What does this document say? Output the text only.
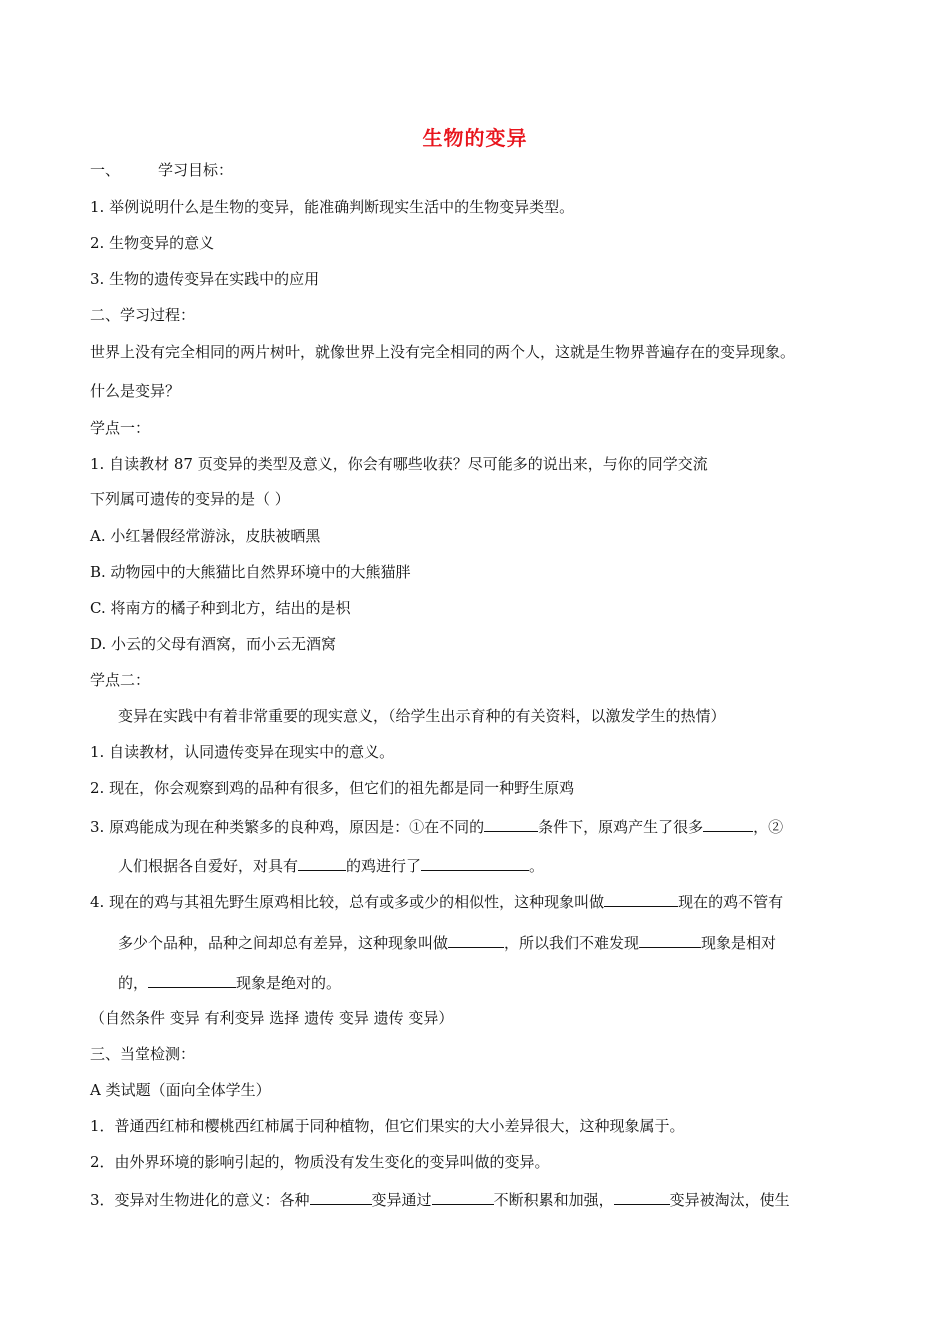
生物的变异
一、	学习目标：
1. 举例说明什么是生物的变异，能准确判断现实生活中的生物变异类型。
2. 生物变异的意义
3. 生物的遗传变异在实践中的应用
二、学习过程：
世界上没有完全相同的两片树叶，就像世界上没有完全相同的两个人，这就是生物界普遍存在的变异现象。
什么是变异？
学点一：
1. 自读教材 87 页变异的类型及意义，你会有哪些收获？尽可能多的说出来，与你的同学交流
下列属可遗传的变异的是（ ）
A. 小红暑假经常游泳，皮肤被晒黑
B. 动物园中的大熊猫比自然界环境中的大熊猫胖
C. 将南方的橘子种到北方，结出的是枳
D. 小云的父母有酒窝，而小云无酒窝
学点二：
变异在实践中有着非常重要的现实意义，（给学生出示育种的有关资料，以激发学生的热情）
1. 自读教材，认同遗传变异在现实中的意义。
2. 现在，你会观察到鸡的品种有很多，但它们的祖先都是同一种野生原鸡
3. 原鸡能成为现在种类繁多的良种鸡，原因是：①在不同的	条件下，原鸡产生了很多	，②
人们根据各自爱好，对具有	的鸡进行了	。
4. 现在的鸡与其祖先野生原鸡相比较，总有或多或少的相似性，这种现象叫做	现在的鸡不管有
多少个品种，品种之间却总有差异，这种现象叫做	，所以我们不难发现	现象是相对
的，	现象是绝对的。
（自然条件 变异 有利变异 选择 遗传 变异 遗传 变异）
三、当堂检测：
A 类试题（面向全体学生）
1．普通西红柿和樱桃西红柿属于同种植物，但它们果实的大小差异很大，这种现象属于。
2．由外界环境的影响引起的，物质没有发生变化的变异叫做的变异。
3．变异对生物进化的意义：各种	变异通过	不断积累和加强，	变异被淘汰，使生
